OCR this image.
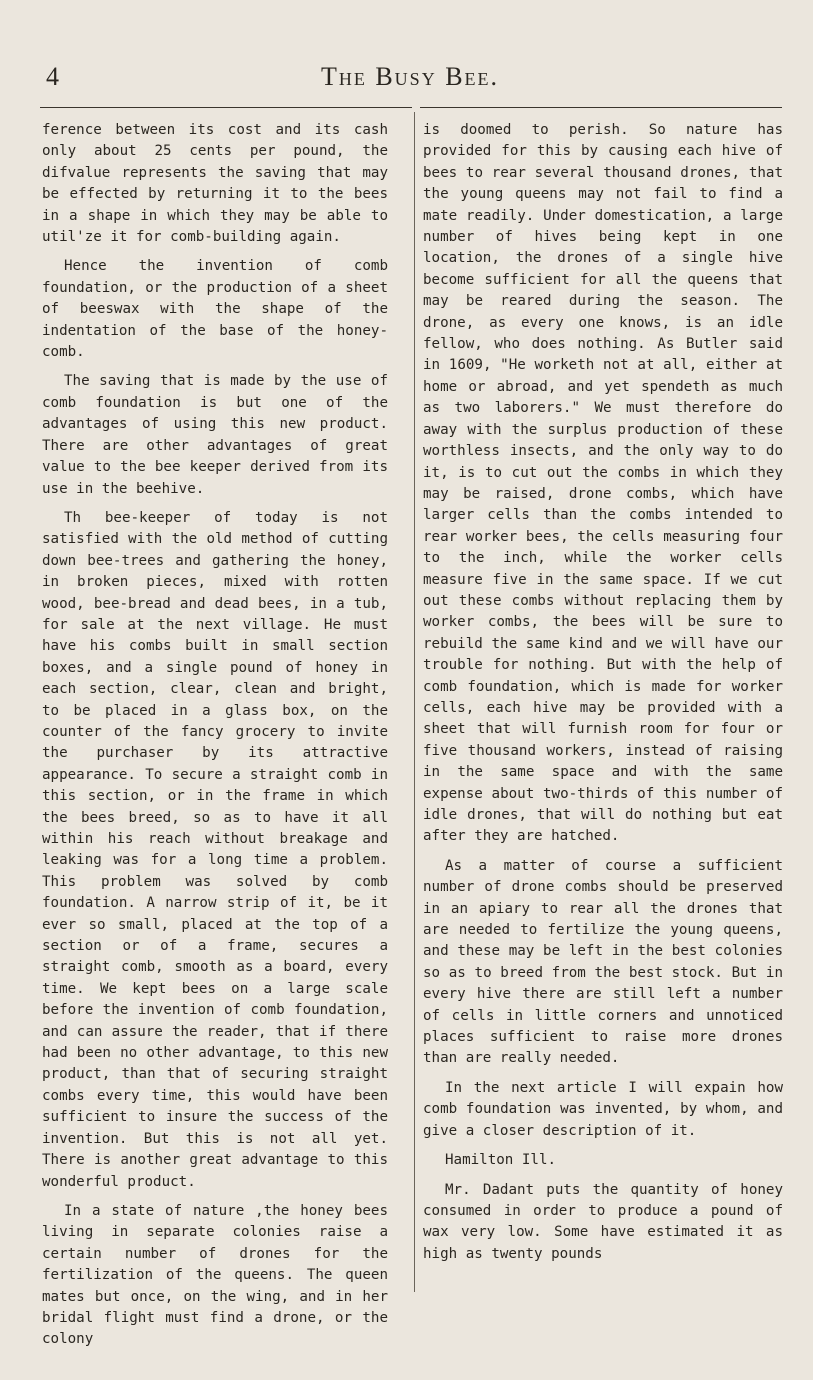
4	The Busy Bee.

ference between its cost and its cash only about 25 cents per pound, the difvalue represents the saving that may be effected by returning it to the bees in a shape in which they may be able to util'ze it for comb-building again.

Hence the invention of comb foundation, or the production of a sheet of beeswax with the shape of the indentation of the base of the honey-comb.

The saving that is made by the use of comb foundation is but one of the advantages of using this new product. There are other advantages of great value to the bee keeper derived from its use in the beehive.

Th bee-keeper of today is not satisfied with the old method of cutting down bee-trees and gathering the honey, in broken pieces, mixed with rotten wood, bee-bread and dead bees, in a tub, for sale at the next village. He must have his combs built in small section boxes, and a single pound of honey in each section, clear, clean and bright, to be placed in a glass box, on the counter of the fancy grocery to invite the purchaser by its attractive appearance. To secure a straight comb in this section, or in the frame in which the bees breed, so as to have it all within his reach without breakage and leaking was for a long time a problem. This problem was solved by comb foundation. A narrow strip of it, be it ever so small, placed at the top of a section or of a frame, secures a straight comb, smooth as a board, every time. We kept bees on a large scale before the invention of comb foundation, and can assure the reader, that if there had been no other advantage, to this new product, than that of securing straight combs every time, this would have been sufficient to insure the success of the invention. But this is not all yet. There is another great advantage to this wonderful product.

In a state of nature ,the honey bees living in separate colonies raise a certain number of drones for the fertilization of the queens. The queen mates but once, on the wing, and in her bridal flight must find a drone, or the colony

is doomed to perish. So nature has provided for this by causing each hive of bees to rear several thousand drones, that the young queens may not fail to find a mate readily. Under domestication, a large number of hives being kept in one location, the drones of a single hive become sufficient for all the queens that may be reared during the season. The drone, as every one knows, is an idle fellow, who does nothing. As Butler said in 1609, "He worketh not at all, either at home or abroad, and yet spendeth as much as two laborers." We must therefore do away with the surplus production of these worthless insects, and the only way to do it, is to cut out the combs in which they may be raised, drone combs, which have larger cells than the combs intended to rear worker bees, the cells measuring four to the inch, while the worker cells measure five in the same space. If we cut out these combs without replacing them by worker combs, the bees will be sure to rebuild the same kind and we will have our trouble for nothing. But with the help of comb foundation, which is made for worker cells, each hive may be provided with a sheet that will furnish room for four or five thousand workers, instead of raising in the same space and with the same expense about two-thirds of this number of idle drones, that will do nothing but eat after they are hatched.

As a matter of course a sufficient number of drone combs should be preserved in an apiary to rear all the drones that are needed to fertilize the young queens, and these may be left in the best colonies so as to breed from the best stock. But in every hive there are still left a number of cells in little corners and unnoticed places sufficient to raise more drones than are really needed.

In the next article I will expain how comb foundation was invented, by whom, and give a closer description of it.

Hamilton Ill.

Mr. Dadant puts the quantity of honey consumed in order to produce a pound of wax very low. Some have estimated it as high as twenty pounds
